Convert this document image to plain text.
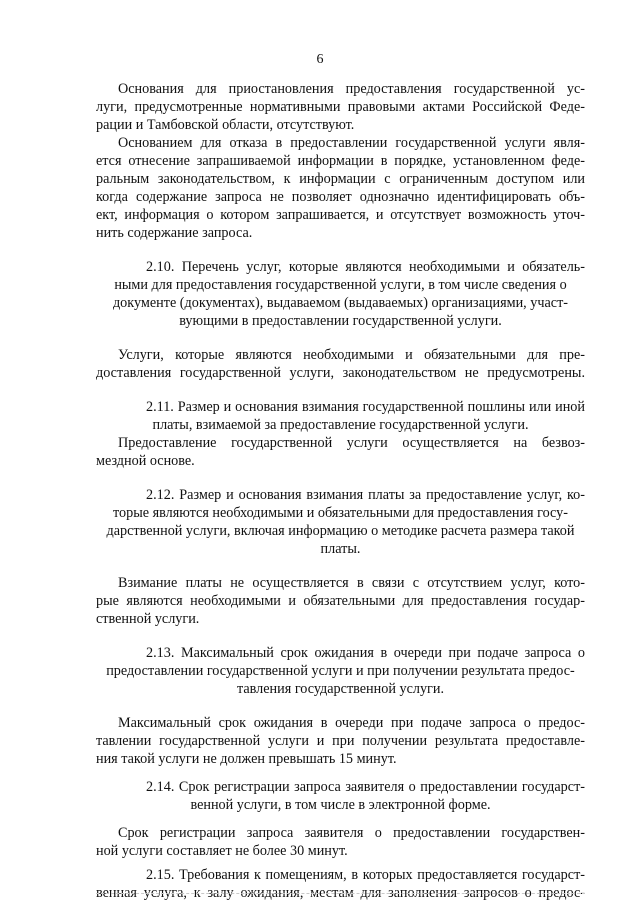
6
Основания для приостановления предоставления государственной ус-
луги, предусмотренные нормативными правовыми актами Российской Феде-
рации и Тамбовской области, отсутствуют.
Основанием для отказа в предоставлении государственной услуги явля-
ется отнесение запрашиваемой информации в порядке, установленном феде-
ральным законодательством, к информации с ограниченным доступом или
когда содержание запроса не позволяет однозначно идентифицировать объ-
ект, информация о котором запрашивается, и отсутствует возможность уточ-
нить содержание запроса.
2.10. Перечень услуг, которые являются необходимыми и обязатель-
ными для предоставления государственной услуги, в том числе сведения о
документе (документах), выдаваемом (выдаваемых) организациями, участ-
вующими в предоставлении государственной услуги.
Услуги, которые являются необходимыми и обязательными для пре-
доставления государственной услуги, законодательством не предусмотрены.
2.11. Размер и основания взимания государственной пошлины или иной
платы, взимаемой за предоставление государственной услуги.
Предоставление государственной услуги осуществляется на безвоз-
мездной основе.
2.12. Размер и основания взимания платы за предоставление услуг, ко-
торые являются необходимыми и обязательными для предоставления госу-
дарственной услуги, включая информацию о методике расчета размера такой
платы.
Взимание платы не осуществляется в связи с отсутствием услуг, кото-
рые являются необходимыми и обязательными для предоставления государ-
ственной услуги.
2.13. Максимальный срок ожидания в очереди при подаче запроса о
предоставлении государственной услуги и при получении результата предос-
тавления государственной услуги.
Максимальный срок ожидания в очереди при подаче запроса о предос-
тавлении государственной услуги и при получении результата предоставле-
ния такой услуги не должен превышать 15 минут.
2.14. Срок регистрации запроса заявителя о предоставлении государст-
венной услуги, в том числе в электронной форме.
Срок регистрации запроса заявителя о предоставлении государствен-
ной услуги составляет не более 30 минут.
2.15. Требования к помещениям, в которых предоставляется государст-
венная услуга, к залу ожидания, местам для заполнения запросов о предос-
